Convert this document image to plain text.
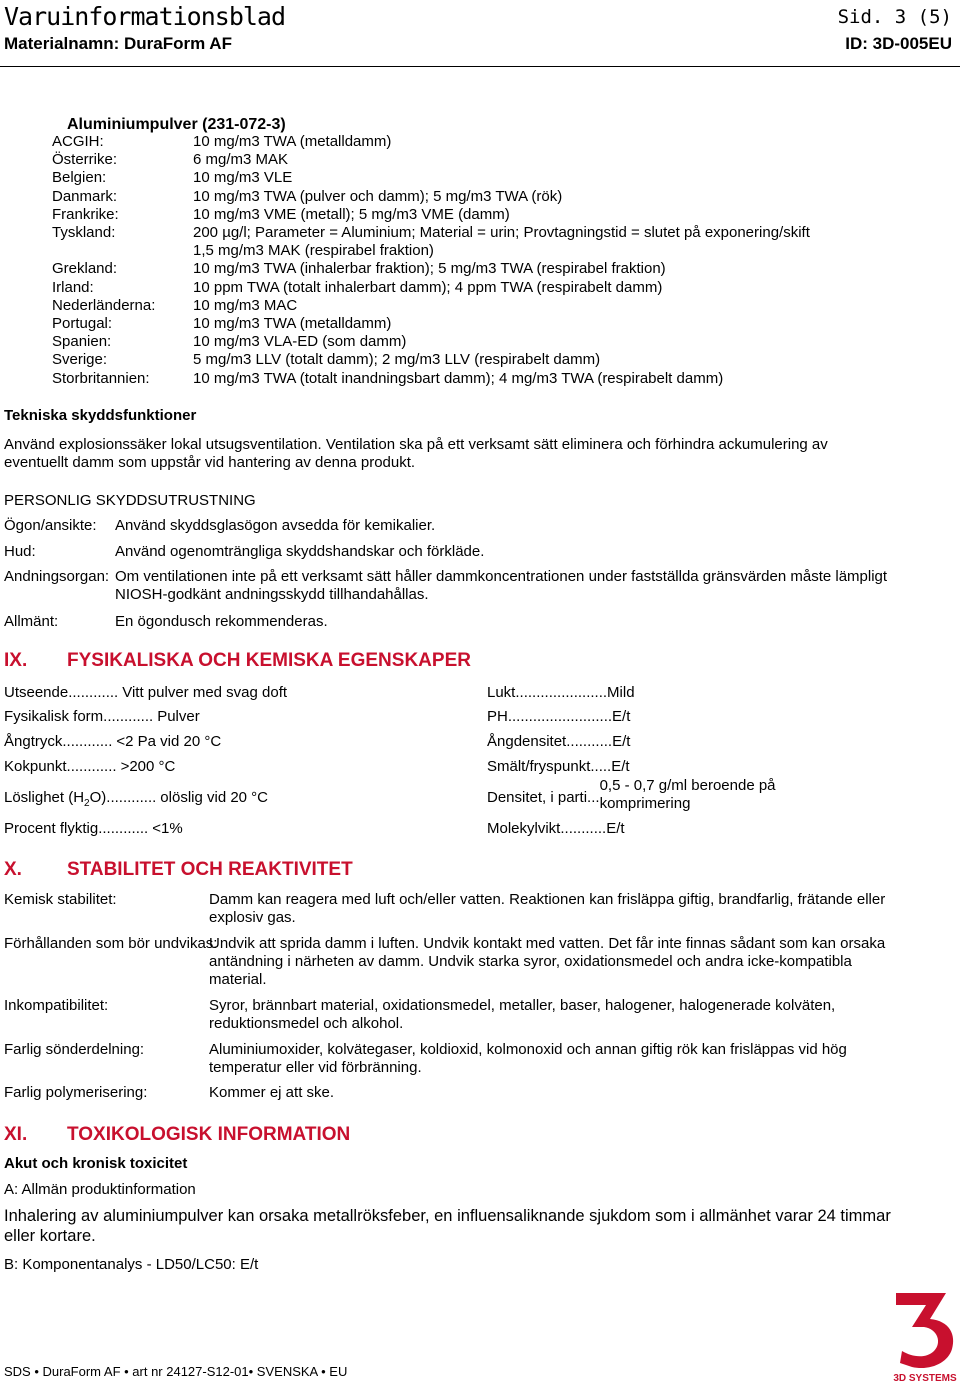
Varuinformationsblad	Sid. 3 (5)
Materialnamn: DuraForm AF	ID: 3D-005EU
Aluminiumpulver (231-072-3)
ACGIH:	10 mg/m3 TWA (metalldamm)
Österrike:	6 mg/m3 MAK
Belgien:	10 mg/m3 VLE
Danmark:	10 mg/m3 TWA (pulver och damm); 5 mg/m3 TWA (rök)
Frankrike:	10 mg/m3 VME (metall); 5 mg/m3 VME (damm)
Tyskland:	200 µg/l; Parameter = Aluminium; Material = urin; Provtagningstid = slutet på exponering/skift
1,5 mg/m3 MAK (respirabel fraktion)
Grekland:	10 mg/m3 TWA (inhalerbar fraktion); 5 mg/m3 TWA (respirabel fraktion)
Irland:	10 ppm TWA (totalt inhalerbart damm); 4 ppm TWA (respirabelt damm)
Nederländerna:	10 mg/m3 MAC
Portugal:	10 mg/m3 TWA (metalldamm)
Spanien:	10 mg/m3 VLA-ED (som damm)
Sverige:	5 mg/m3 LLV (totalt damm); 2 mg/m3 LLV (respirabelt damm)
Storbritannien:	10 mg/m3 TWA (totalt inandningsbart damm); 4 mg/m3 TWA (respirabelt damm)
Tekniska skyddsfunktioner
Använd explosionssäker lokal utsugsventilation. Ventilation ska på ett verksamt sätt eliminera och förhindra ackumulering av eventuellt damm som uppstår vid hantering av denna produkt.
PERSONLIG SKYDDSUTRUSTNING
Ögon/ansikte: Använd skyddsglasögon avsedda för kemikalier.
Hud:	Använd ogenomträngliga skyddshandskar och förkläde.
Andningsorgan: Om ventilationen inte på ett verksamt sätt håller dammkoncentrationen under fastställda gränsvärden måste lämpligt NIOSH-godkänt andningsskydd tillhandahållas.
Allmänt:	En ögondusch rekommenderas.
IX. FYSIKALISKA OCH KEMISKA EGENSKAPER
Utseende............ Vitt pulver med svag doft
Fysikalisk form............ Pulver
Ångtryck............ <2 Pa vid 20 °C
Kokpunkt............ >200 °C
Löslighet $(H_2O)$............ olöslig vid 20 °C
Procent flyktig............ <1%
Lukt......................Mild
PH.........................E/t
Ångdensitet...........E/t
Smält/fryspunkt.....E/t
Densitet, i parti...0,5 - 0,7 g/ml beroende på komprimering
Molekylvikt...........E/t
X. STABILITET OCH REAKTIVITET
Kemisk stabilitet:	Damm kan reagera med luft och/eller vatten. Reaktionen kan frisläppa giftig, brandfarlig, frätande eller explosiv gas.
Förhållanden som bör undvikas:
Undvik att sprida damm i luften. Undvik kontakt med vatten. Det får inte finnas sådant som kan orsaka antändning i närheten av damm. Undvik starka syror, oxidationsmedel och andra icke-kompatibla material.
Inkompatibilitet:	Syror, brännbart material, oxidationsmedel, metaller, baser, halogener, halogenerade kolväten, reduktionsmedel och alkohol.
Farlig sönderdelning:	Aluminiumoxider, kolvätegaser, koldioxid, kolmonoxid och annan giftig rök kan frisläppas vid hög temperatur eller vid förbränning.
Farlig polymerisering:	Kommer ej att ske.
XI. TOXIKOLOGISK INFORMATION
Akut och kronisk toxicitet
A: Allmän produktinformation
Inhalering av aluminiumpulver kan orsaka metallröksfeber, en influensaliknande sjukdom som i allmänhet varar 24 timmar eller kortare.
B: Komponentanalys - LD50/LC50: E/t
SDS • DuraForm AF • art nr 24127-S12-01• SVENSKA • EU	3D SYSTEMS
